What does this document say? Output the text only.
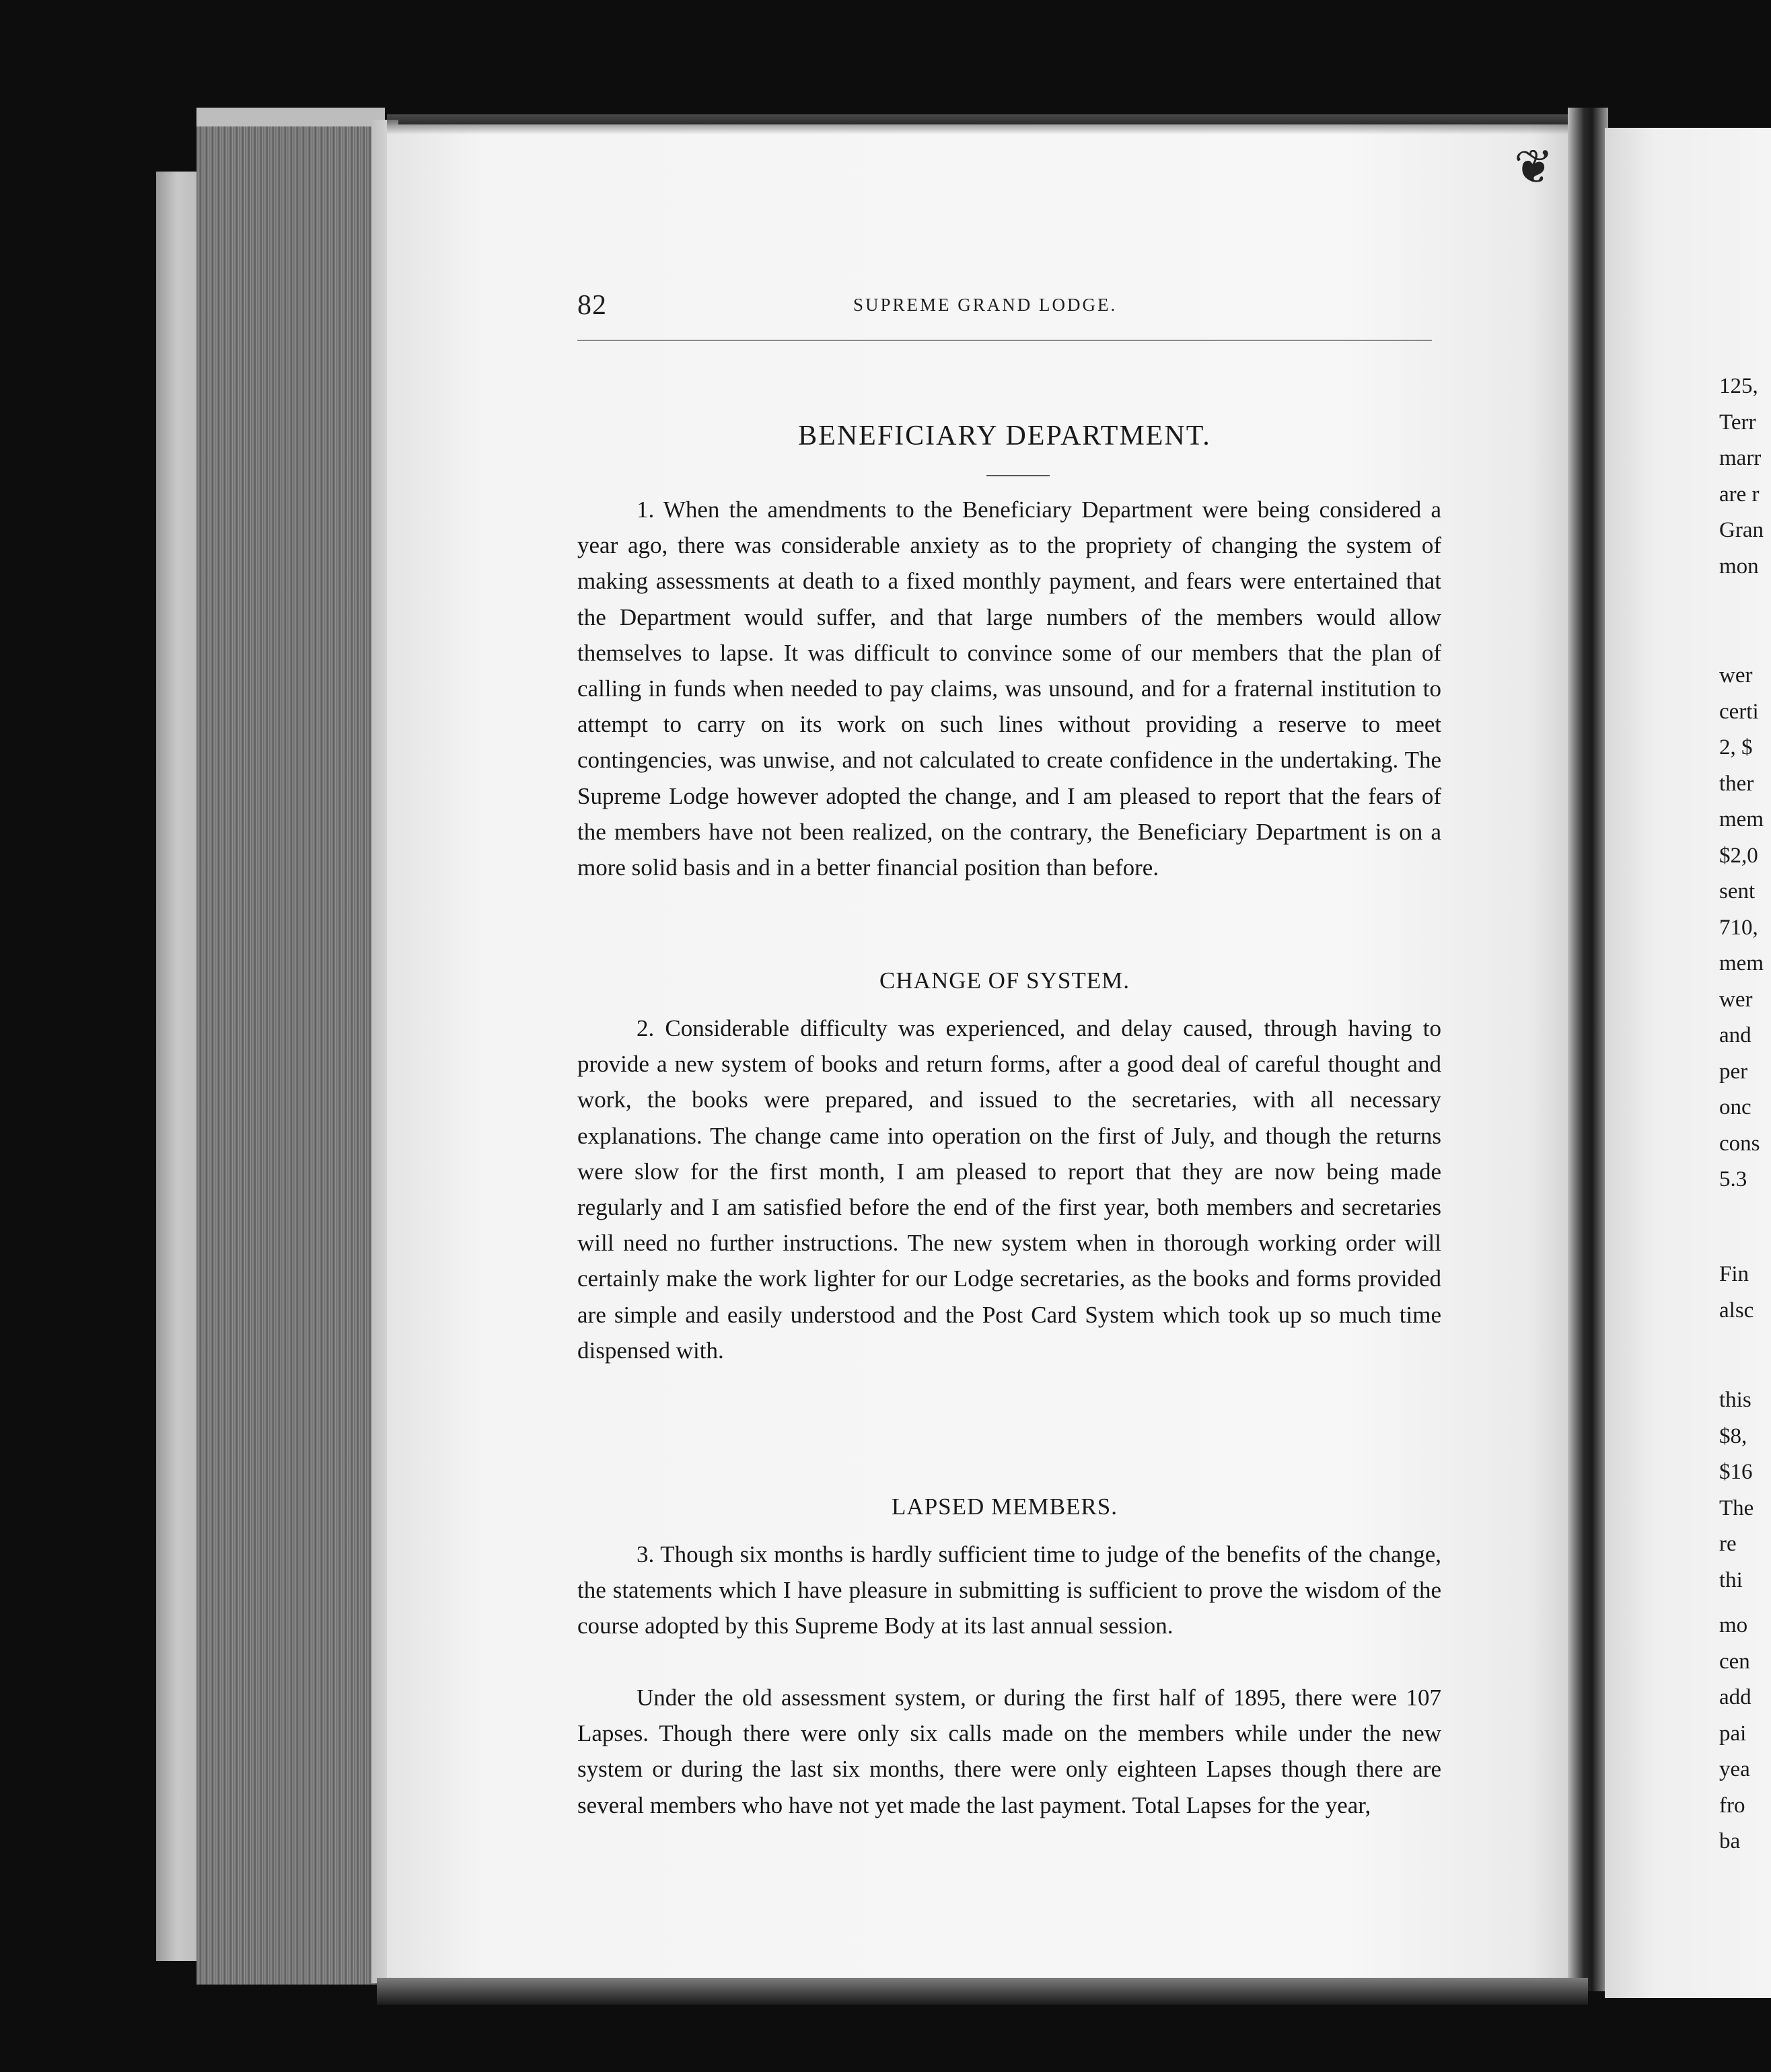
❦
82	SUPREME GRAND LODGE.
BENEFICIARY DEPARTMENT.

1. When the amendments to the Beneficiary Department were being considered a year ago, there was considerable anxiety as to the propriety of changing the system of making assessments at death to a fixed monthly payment, and fears were entertained that the Department would suffer, and that large numbers of the members would allow themselves to lapse. It was difficult to convince some of our members that the plan of calling in funds when needed to pay claims, was unsound, and for a fraternal institution to attempt to carry on its work on such lines without providing a reserve to meet contingencies, was unwise, and not calculated to create confidence in the undertaking. The Supreme Lodge however adopted the change, and I am pleased to report that the fears of the members have not been realized, on the contrary, the Beneficiary Department is on a more solid basis and in a better financial position than before.

CHANGE OF SYSTEM.

2. Considerable difficulty was experienced, and delay caused, through having to provide a new system of books and return forms, after a good deal of careful thought and work, the books were prepared, and issued to the secretaries, with all necessary explanations. The change came into operation on the first of July, and though the returns were slow for the first month, I am pleased to report that they are now being made regularly and I am satisfied before the end of the first year, both members and secretaries will need no further instructions. The new system when in thorough working order will certainly make the work lighter for our Lodge secretaries, as the books and forms provided are simple and easily understood and the Post Card System which took up so much time dispensed with.

LAPSED MEMBERS.

3. Though six months is hardly sufficient time to judge of the benefits of the change, the statements which I have pleasure in submitting is sufficient to prove the wisdom of the course adopted by this Supreme Body at its last annual session.

Under the old assessment system, or during the first half of 1895, there were 107 Lapses. Though there were only six calls made on the members while under the new system or during the last six months, there were only eighteen Lapses though there are several members who have not yet made the last payment. Total Lapses for the year,

125,
Terr
marr
are r
Gran
mon
wer
certi
2, $
ther
mem
$2,0
sent
710,
mem
wer
and
per
onc
cons
5.3
Fin
alsc
this
$8,
$16
The
re
thi
mo
cen
add
pai
yea
fro
ba
